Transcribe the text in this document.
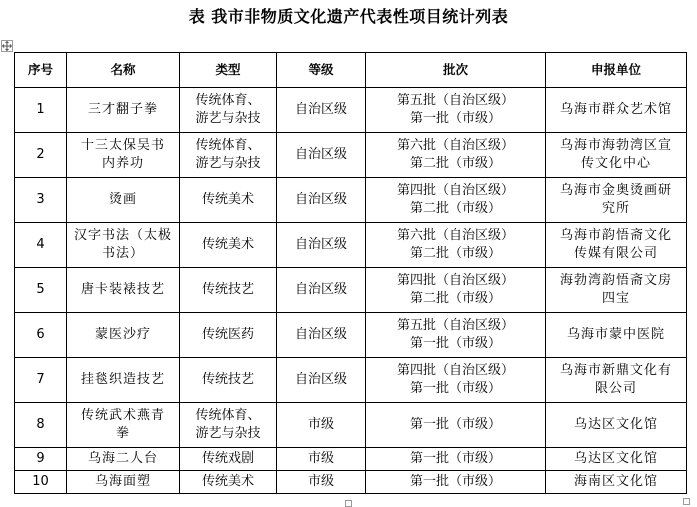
表 我市非物质文化遗产代表性项目统计列表
序号	名称	类型	等级	批次	申报单位
1	三才翻子拳	传统体育、
游艺与杂技	自治区级	第五批（自治区级）
第一批（市级）	乌海市群众艺术馆

2	十三太保吴书
内养功	传统体育、
游艺与杂技	自治区级	第六批（自治区级）
第二批（市级）	乌海市海勃湾区宣
传文化中心

3	烫画	传统美术	自治区级	第四批（自治区级）
第二批（市级）	乌海市金奥烫画研
究所

4	汉字书法（太极
书法）	传统美术	自治区级	第六批（自治区级）
第二批（市级）	乌海市韵悟斋文化
传媒有限公司

5	唐卡装裱技艺	传统技艺	自治区级	第四批（自治区级）
第二批（市级）	海勃湾韵悟斋文房
四宝

6	蒙医沙疗	传统医药	自治区级	第五批（自治区级）
第一批（市级）	乌海市蒙中医院

7	挂毯织造技艺	传统技艺	自治区级	第四批（自治区级）
第一批（市级）	乌海市新鼎文化有
限公司

8	传统武术燕青
拳	传统体育、
游艺与杂技	市级	第一批（市级）	乌达区文化馆

9	乌海二人台	传统戏剧	市级	第一批（市级）	乌达区文化馆

10	乌海面塑	传统美术	市级	第一批（市级）	海南区文化馆
